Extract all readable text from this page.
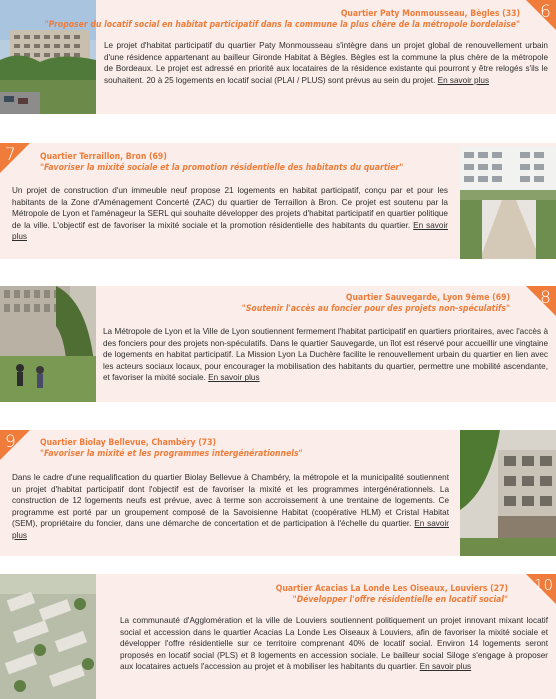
6
Quartier Paty Monmousseau, Bègles (33)
"Proposer du locatif social en habitat participatif dans la commune la plus chère de la métropole bordelaise"
Le projet d'habitat participatif du quartier Paty Monmousseau s'intègre dans un projet global de renouvellement urbain d'une résidence appartenant au bailleur Gironde Habitat à Bègles. Bègles est la commune la plus chère de la métropole de Bordeaux. Le projet est adressé en priorité aux locataires de la résidence existante qui pourront y être relogés s'ils le souhaitent. 20 à 25 logements en locatif social (PLAI / PLUS) sont prévus au sein du projet. En savoir plus
7	Quartier Terraillon, Bron (69)
"Favoriser la mixité sociale et la promotion résidentielle des habitants du quartier"
Un projet de construction d'un immeuble neuf propose 21 logements en habitat participatif, conçu par et pour les habitants de la Zone d'Aménagement Concerté (ZAC) du quartier de Terraillon à Bron. Ce projet est soutenu par la Métropole de Lyon et l'aménageur la SERL qui souhaite développer des projets d'habitat participatif en quartier politique de la ville. L'objectif est de favoriser la mixité sociale et la promotion résidentielle des habitants du quartier. En savoir plus
8
Quartier Sauvegarde, Lyon 9ème (69)
"Soutenir l'accès au foncier pour des projets non-spéculatifs"
La Métropole de Lyon et la Ville de Lyon soutiennent fermement l'habitat participatif en quartiers prioritaires, avec l'accès à des fonciers pour des projets non-spéculatifs. Dans le quartier Sauvegarde, un îlot est réservé pour accueillir une vingtaine de logements en habitat participatif. La Mission Lyon La Duchère facilite le renouvellement urbain du quartier en lien avec les acteurs sociaux locaux, pour encourager la mobilisation des habitants du quartier, permettre une mobilité ascendante, et favoriser la mixité sociale. En savoir plus
9	Quartier Biolay Bellevue, Chambéry (73)
"Favoriser la mixité et les programmes intergénérationnels"
Dans le cadre d'une requalification du quartier Biolay Bellevue à Chambéry, la métropole et la municipalité soutiennent un projet d'habitat participatif dont l'objectif est de favoriser la mixité et les programmes intergénérationnels. La construction de 12 logements neufs est prévue, avec à terme son accroissement à une trentaine de logements. Ce programme est porté par un groupement composé de la Savoisienne Habitat (coopérative HLM) et Cristal Habitat (SEM), propriétaire du foncier, dans une démarche de concertation et de participation à l'échelle du quartier. En savoir plus
10
Quartier Acacias La Londe Les Oiseaux, Louviers (27)
"Développer l'offre résidentielle en locatif social"
La communauté d'Agglomération et la ville de Louviers soutiennent politiquement un projet innovant mixant locatif social et accession dans le quartier Acacias La Londe Les Oiseaux à Louviers, afin de favoriser la mixité sociale et développer l'offre résidentielle sur ce territoire comprenant 40% de locatif social. Environ 14 logements seront proposés en locatif social (PLS) et 8 logements en accession sociale. Le bailleur social Siloge s'engage à proposer aux locataires actuels l'accession au projet et à mobiliser les habitants du quartier. En savoir plus
